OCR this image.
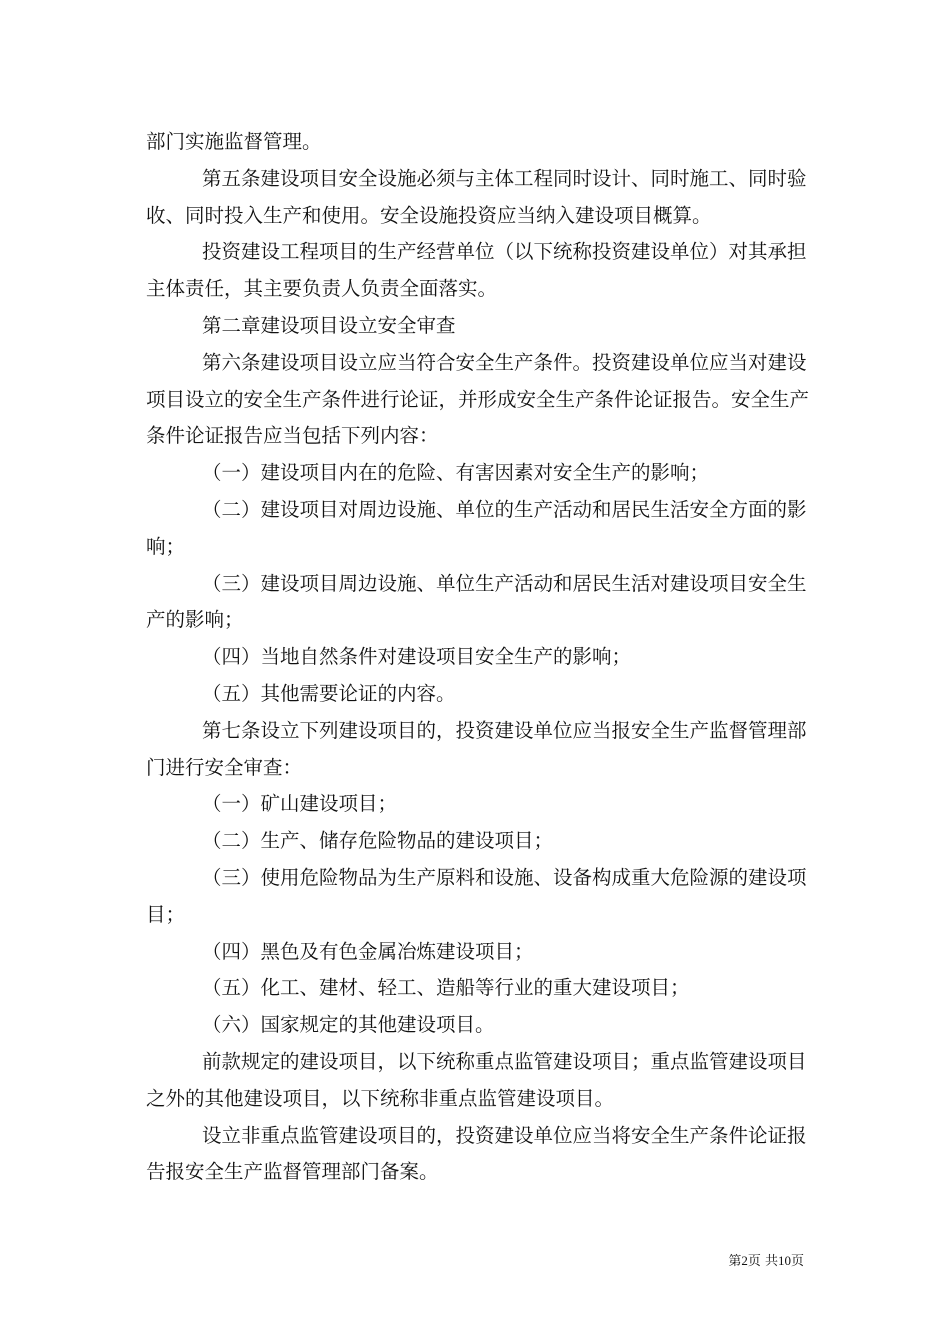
部门实施监督管理。

第五条建设项目安全设施必须与主体工程同时设计、同时施工、同时验收、同时投入生产和使用。安全设施投资应当纳入建设项目概算。

投资建设工程项目的生产经营单位（以下统称投资建设单位）对其承担主体责任，其主要负责人负责全面落实。

第二章建设项目设立安全审查

第六条建设项目设立应当符合安全生产条件。投资建设单位应当对建设项目设立的安全生产条件进行论证，并形成安全生产条件论证报告。安全生产条件论证报告应当包括下列内容：

（一）建设项目内在的危险、有害因素对安全生产的影响；

（二）建设项目对周边设施、单位的生产活动和居民生活安全方面的影响；

（三）建设项目周边设施、单位生产活动和居民生活对建设项目安全生产的影响；

（四）当地自然条件对建设项目安全生产的影响；

（五）其他需要论证的内容。

第七条设立下列建设项目的，投资建设单位应当报安全生产监督管理部门进行安全审查：

（一）矿山建设项目；

（二）生产、储存危险物品的建设项目；

（三）使用危险物品为生产原料和设施、设备构成重大危险源的建设项目；

（四）黑色及有色金属冶炼建设项目；

（五）化工、建材、轻工、造船等行业的重大建设项目；

（六）国家规定的其他建设项目。

前款规定的建设项目，以下统称重点监管建设项目；重点监管建设项目之外的其他建设项目，以下统称非重点监管建设项目。

设立非重点监管建设项目的，投资建设单位应当将安全生产条件论证报告报安全生产监督管理部门备案。

第2页 共10页
